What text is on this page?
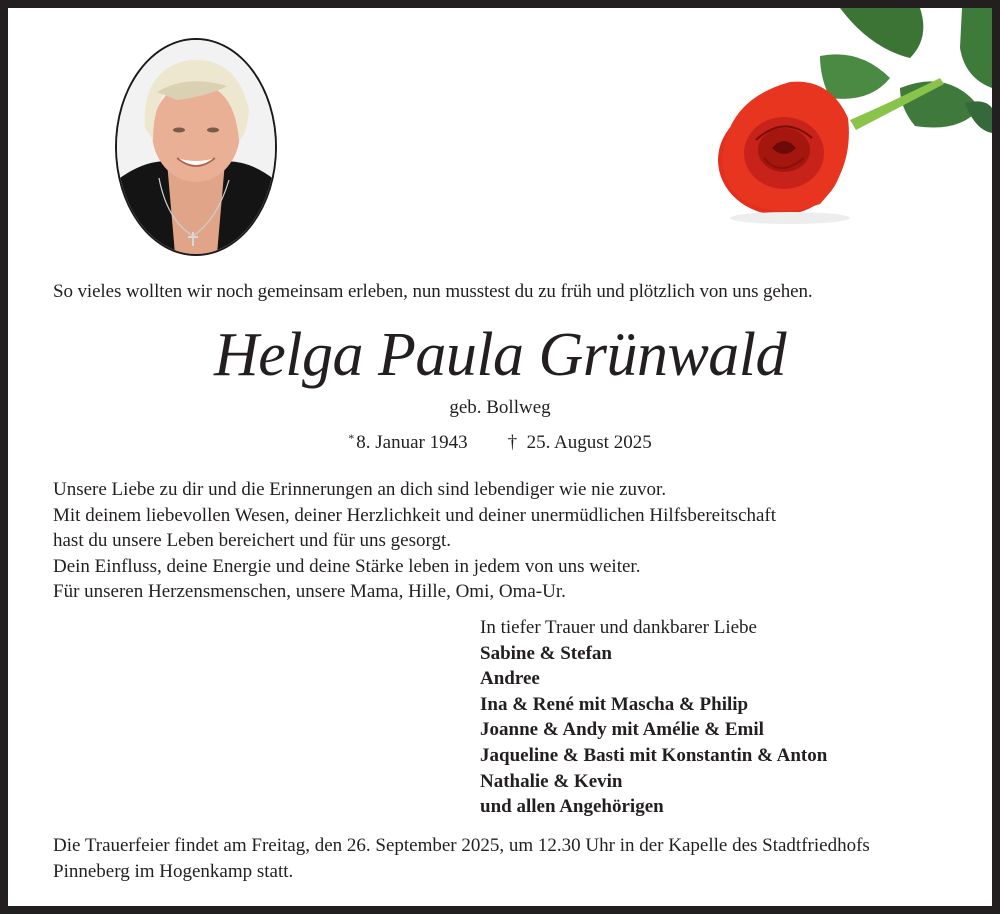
So vieles wollten wir noch gemeinsam erleben, nun musstest du zu früh und plötzlich von uns gehen.
Helga Paula Grünwald
geb. Bollweg
* 8. Januar 1943 † 25. August 2025
Unsere Liebe zu dir und die Erinnerungen an dich sind lebendiger wie nie zuvor.
Mit deinem liebevollen Wesen, deiner Herzlichkeit und deiner unermüdlichen Hilfsbereitschaft
hast du unsere Leben bereichert und für uns gesorgt.
Dein Einfluss, deine Energie und deine Stärke leben in jedem von uns weiter.
Für unseren Herzensmenschen, unsere Mama, Hille, Omi, Oma-Ur.
In tiefer Trauer und dankbarer Liebe
Sabine & Stefan
Andree
Ina & René mit Mascha & Philip
Joanne & Andy mit Amélie & Emil
Jaqueline & Basti mit Konstantin & Anton
Nathalie & Kevin
und allen Angehörigen
Die Trauerfeier findet am Freitag, den 26. September 2025, um 12.30 Uhr in der Kapelle des Stadtfriedhofs
Pinneberg im Hogenkamp statt.
